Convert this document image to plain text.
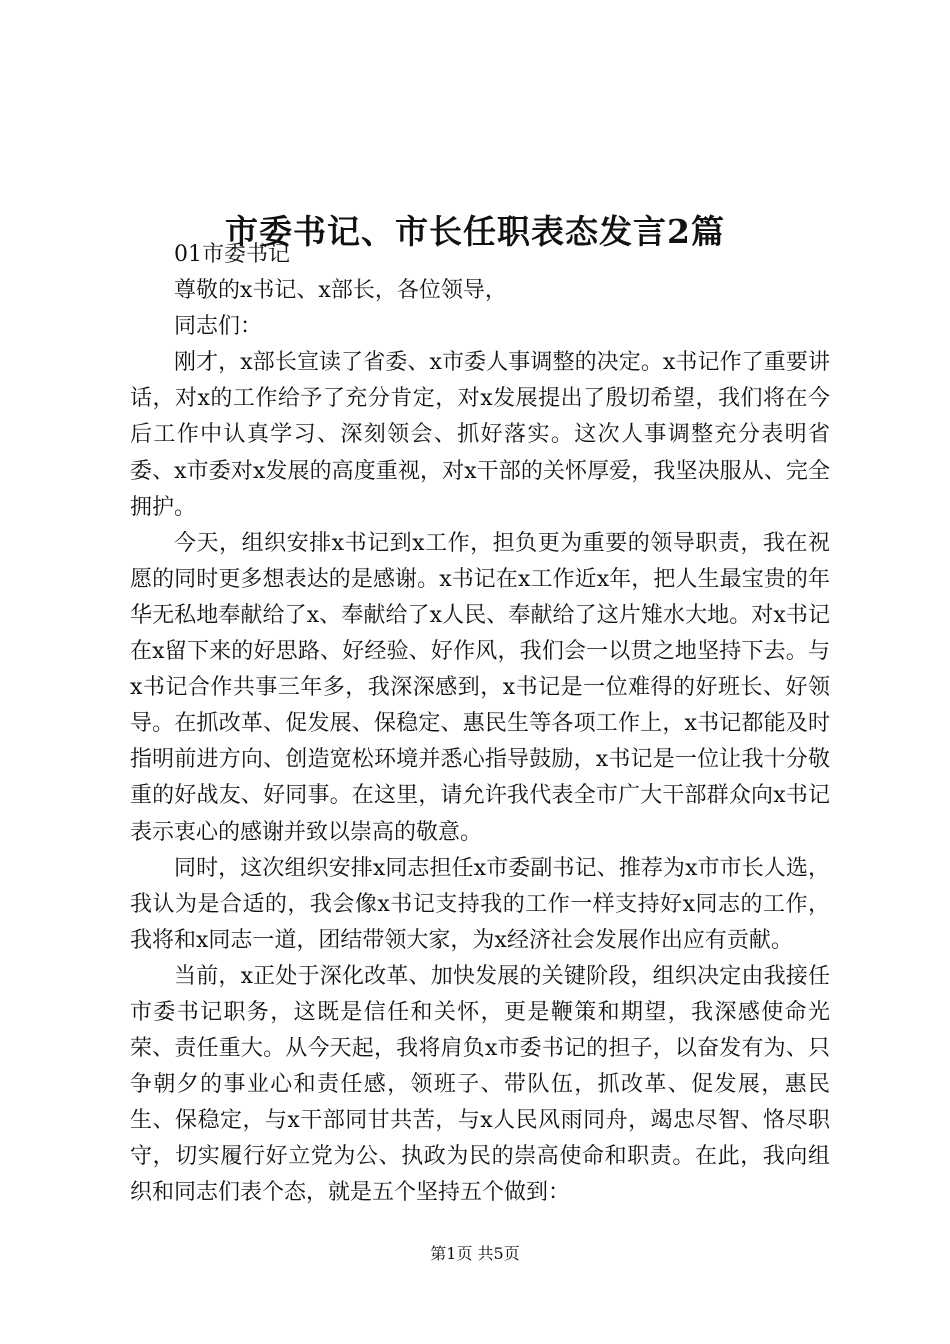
市委书记、市长任职表态发言2篇

01市委书记

尊敬的x书记、x部长，各位领导，

同志们：

刚才，x部长宣读了省委、x市委人事调整的决定。x书记作了重要讲话，对x的工作给予了充分肯定，对x发展提出了殷切希望，我们将在今后工作中认真学习、深刻领会、抓好落实。这次人事调整充分表明省委、x市委对x发展的高度重视，对x干部的关怀厚爱，我坚决服从、完全拥护。

今天，组织安排x书记到x工作，担负更为重要的领导职责，我在祝愿的同时更多想表达的是感谢。x书记在x工作近x年，把人生最宝贵的年华无私地奉献给了x、奉献给了x人民、奉献给了这片雉水大地。对x书记在x留下来的好思路、好经验、好作风，我们会一以贯之地坚持下去。与x书记合作共事三年多，我深深感到，x书记是一位难得的好班长、好领导。在抓改革、促发展、保稳定、惠民生等各项工作上，x书记都能及时指明前进方向、创造宽松环境并悉心指导鼓励，x书记是一位让我十分敬重的好战友、好同事。在这里，请允许我代表全市广大干部群众向x书记表示衷心的感谢并致以崇高的敬意。

同时，这次组织安排x同志担任x市委副书记、推荐为x市市长人选，我认为是合适的，我会像x书记支持我的工作一样支持好x同志的工作，我将和x同志一道，团结带领大家，为x经济社会发展作出应有贡献。

当前，x正处于深化改革、加快发展的关键阶段，组织决定由我接任市委书记职务，这既是信任和关怀，更是鞭策和期望，我深感使命光荣、责任重大。从今天起，我将肩负x市委书记的担子，以奋发有为、只争朝夕的事业心和责任感，领班子、带队伍，抓改革、促发展，惠民生、保稳定，与x干部同甘共苦，与x人民风雨同舟，竭忠尽智、恪尽职守，切实履行好立党为公、执政为民的崇高使命和职责。在此，我向组织和同志们表个态，就是五个坚持五个做到：

第1页 共5页
